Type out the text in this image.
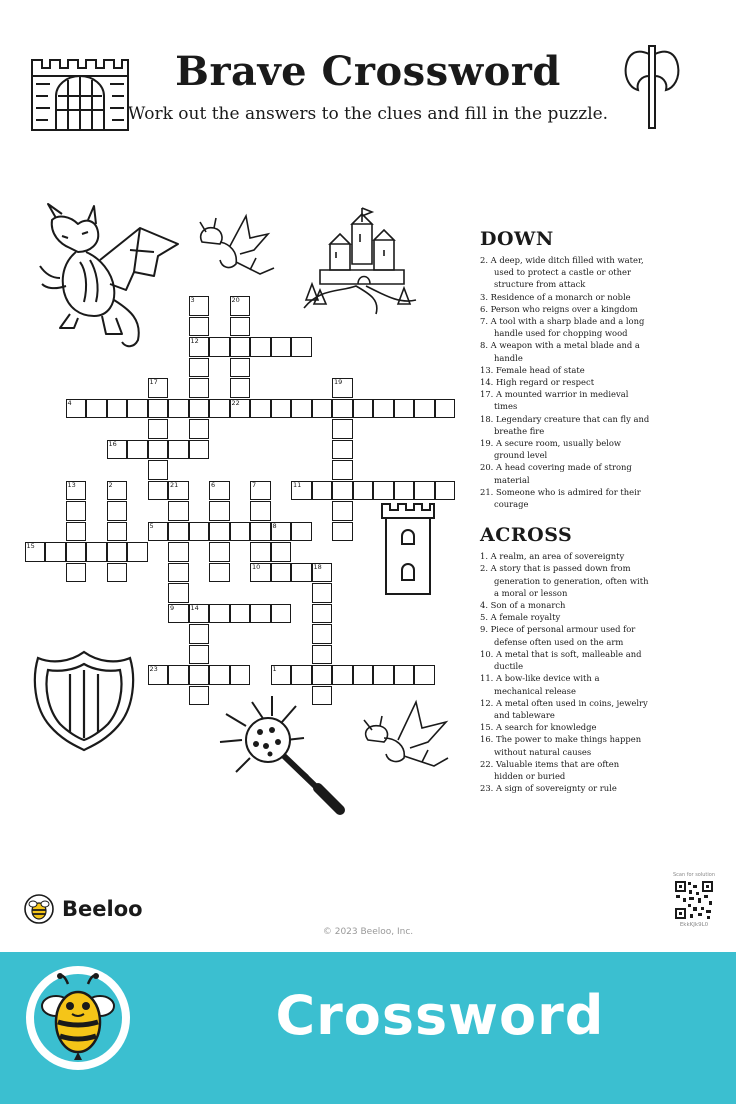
Brave Crossword
Work out the answers to the clues and fill in the puzzle.
3	20
12
17	19
4	22
16
13	2	21	6	7	11
5	8
15
10	18
9	14
23	1
DOWN
2. A deep, wide ditch filled with water, used to protect a castle or other structure from attack
3. Residence of a monarch or noble
6. Person who reigns over a kingdom
7. A tool with a sharp blade and a long handle used for chopping wood
8. A weapon with a metal blade and a handle
13. Female head of state
14. High regard or respect
17. A mounted warrior in medieval times
18. Legendary creature that can fly and breathe fire
19. A secure room, usually below ground level
20. A head covering made of strong material
21. Someone who is admired for their courage
ACROSS
1. A realm, an area of sovereignty
2. A story that is passed down from generation to generation, often with a moral or lesson
4. Son of a monarch
5. A female royalty
9. Piece of personal armour used for defense often used on the arm
10. A metal that is soft, malleable and ductile
11. A bow-like device with a mechanical release
12. A metal often used in coins, jewelry and tableware
15. A search for knowledge
16. The power to make things happen without natural causes
22. Valuable items that are often hidden or buried
23. A sign of sovereignty or rule
Beeloo
© 2023 Beeloo, Inc.
Scan for solution
EkkKJk9L0
Crossword
